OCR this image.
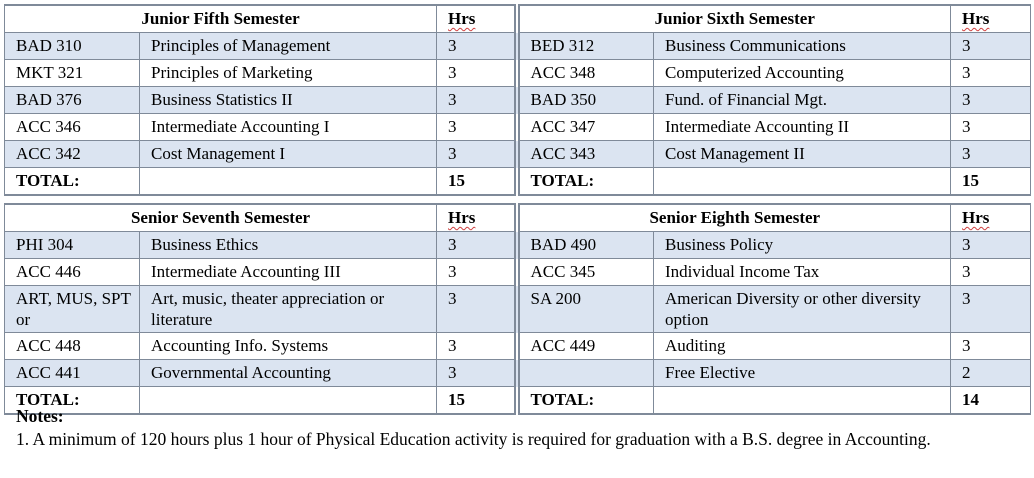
Junior Fifth Semester		Hrs		Junior Sixth Semester		Hrs
BAD 310	Principles of Management	3		BED 312	Business Communications	3
MKT 321	Principles of Marketing	3		ACC 348	Computerized Accounting	3
BAD 376	Business Statistics II	3		BAD 350	Fund. of Financial Mgt.	3
ACC 346	Intermediate Accounting I	3		ACC 347	Intermediate Accounting II	3
ACC 342	Cost Management I	3		ACC 343	Cost Management II	3
TOTAL:		15		TOTAL:		15
Senior Seventh Semester		Hrs		Senior Eighth Semester		Hrs
PHI 304	Business Ethics	3		BAD 490	Business Policy	3
ACC 446	Intermediate Accounting III	3		ACC 345	Individual Income Tax	3
ART, MUS, SPT or	Art, music, theater appreciation or literature	3		SA 200	American Diversity or other diversity option	3
ACC 448	Accounting Info. Systems	3		ACC 449	Auditing	3
ACC 441	Governmental Accounting	3			Free Elective	2
TOTAL:		15		TOTAL:		14
Notes:
1. A minimum of 120 hours plus 1 hour of Physical Education activity is required for graduation with a B.S. degree in Accounting.
